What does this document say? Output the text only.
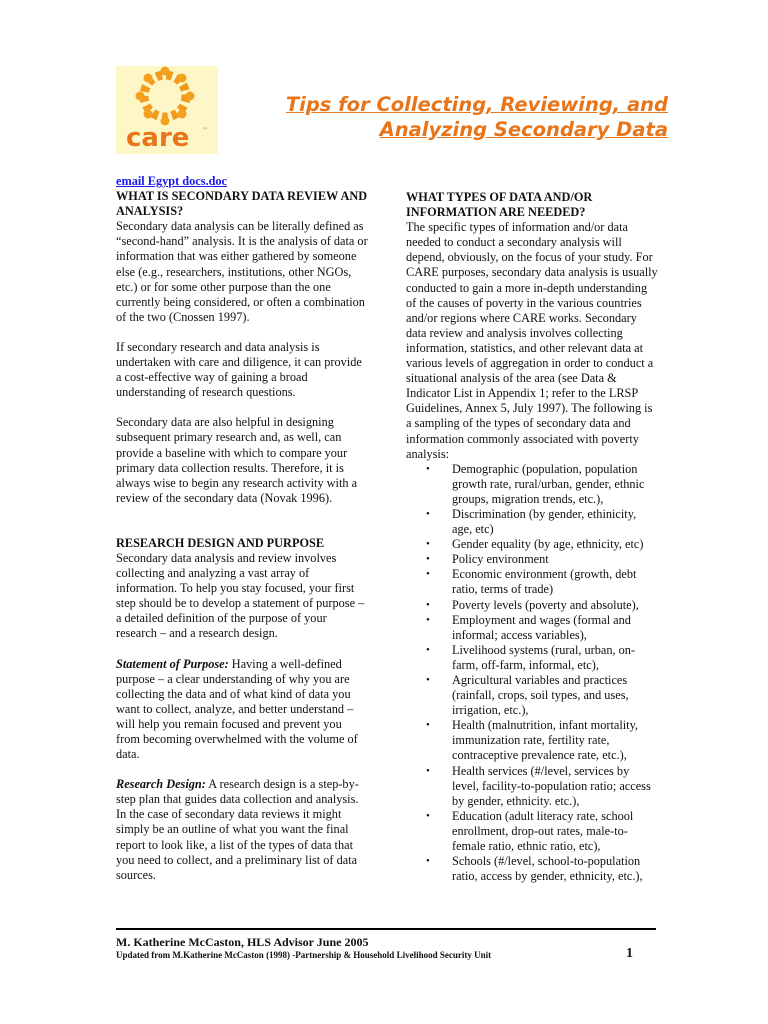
care ™
Tips for Collecting, Reviewing, and
Analyzing Secondary Data

email Egypt docs.doc

WHAT IS SECONDARY DATA REVIEW AND ANALYSIS?

Secondary data analysis can be literally defined as “second-hand” analysis. It is the analysis of data or information that was either gathered by someone else (e.g., researchers, institutions, other NGOs, etc.) or for some other purpose than the one currently being considered, or often a combination of the two (Cnossen 1997).

If secondary research and data analysis is undertaken with care and diligence, it can provide a cost-effective way of gaining a broad understanding of research questions.

Secondary data are also helpful in designing subsequent primary research and, as well, can provide a baseline with which to compare your primary data collection results. Therefore, it is always wise to begin any research activity with a review of the secondary data (Novak 1996).

RESEARCH DESIGN AND PURPOSE

Secondary data analysis and review involves collecting and analyzing a vast array of information. To help you stay focused, your first step should be to develop a statement of purpose – a detailed definition of the purpose of your research – and a research design.

Statement of Purpose: Having a well-defined purpose – a clear understanding of why you are collecting the data and of what kind of data you want to collect, analyze, and better understand – will help you remain focused and prevent you from becoming overwhelmed with the volume of data.

Research Design: A research design is a step-by-step plan that guides data collection and analysis. In the case of secondary data reviews it might simply be an outline of what you want the final report to look like, a list of the types of data that you need to collect, and a preliminary list of data sources.

WHAT TYPES OF DATA AND/OR INFORMATION ARE NEEDED?

The specific types of information and/or data needed to conduct a secondary analysis will depend, obviously, on the focus of your study. For CARE purposes, secondary data analysis is usually conducted to gain a more in-depth understanding of the causes of poverty in the various countries and/or regions where CARE works. Secondary data review and analysis involves collecting information, statistics, and other relevant data at various levels of aggregation in order to conduct a situational analysis of the area (see Data & Indicator List in Appendix 1; refer to the LRSP Guidelines, Annex 5, July 1997). The following is a sampling of the types of secondary data and information commonly associated with poverty analysis:

• Demographic (population, population growth rate, rural/urban, gender, ethnic groups, migration trends, etc.),
• Discrimination (by gender, ethinicity, age, etc)
• Gender equality (by age, ethnicity, etc)
• Policy environment
• Economic environment (growth, debt ratio, terms of trade)
• Poverty levels (poverty and absolute),
• Employment and wages (formal and informal; access variables),
• Livelihood systems (rural, urban, on-farm, off-farm, informal, etc),
• Agricultural variables and practices (rainfall, crops, soil types, and uses, irrigation, etc.),
• Health (malnutrition, infant mortality, immunization rate, fertility rate, contraceptive prevalence rate, etc.),
• Health services (#/level, services by level, facility-to-population ratio; access by gender, ethnicity. etc.),
• Education (adult literacy rate, school enrollment, drop-out rates, male-to-female ratio, ethnic ratio, etc),
• Schools (#/level, school-to-population ratio, access by gender, ethnicity, etc.),
M. Katherine McCaston, HLS Advisor June 2005
Updated from M.Katherine McCaston (1998) -Partnership & Household Livelihood Security Unit	1
